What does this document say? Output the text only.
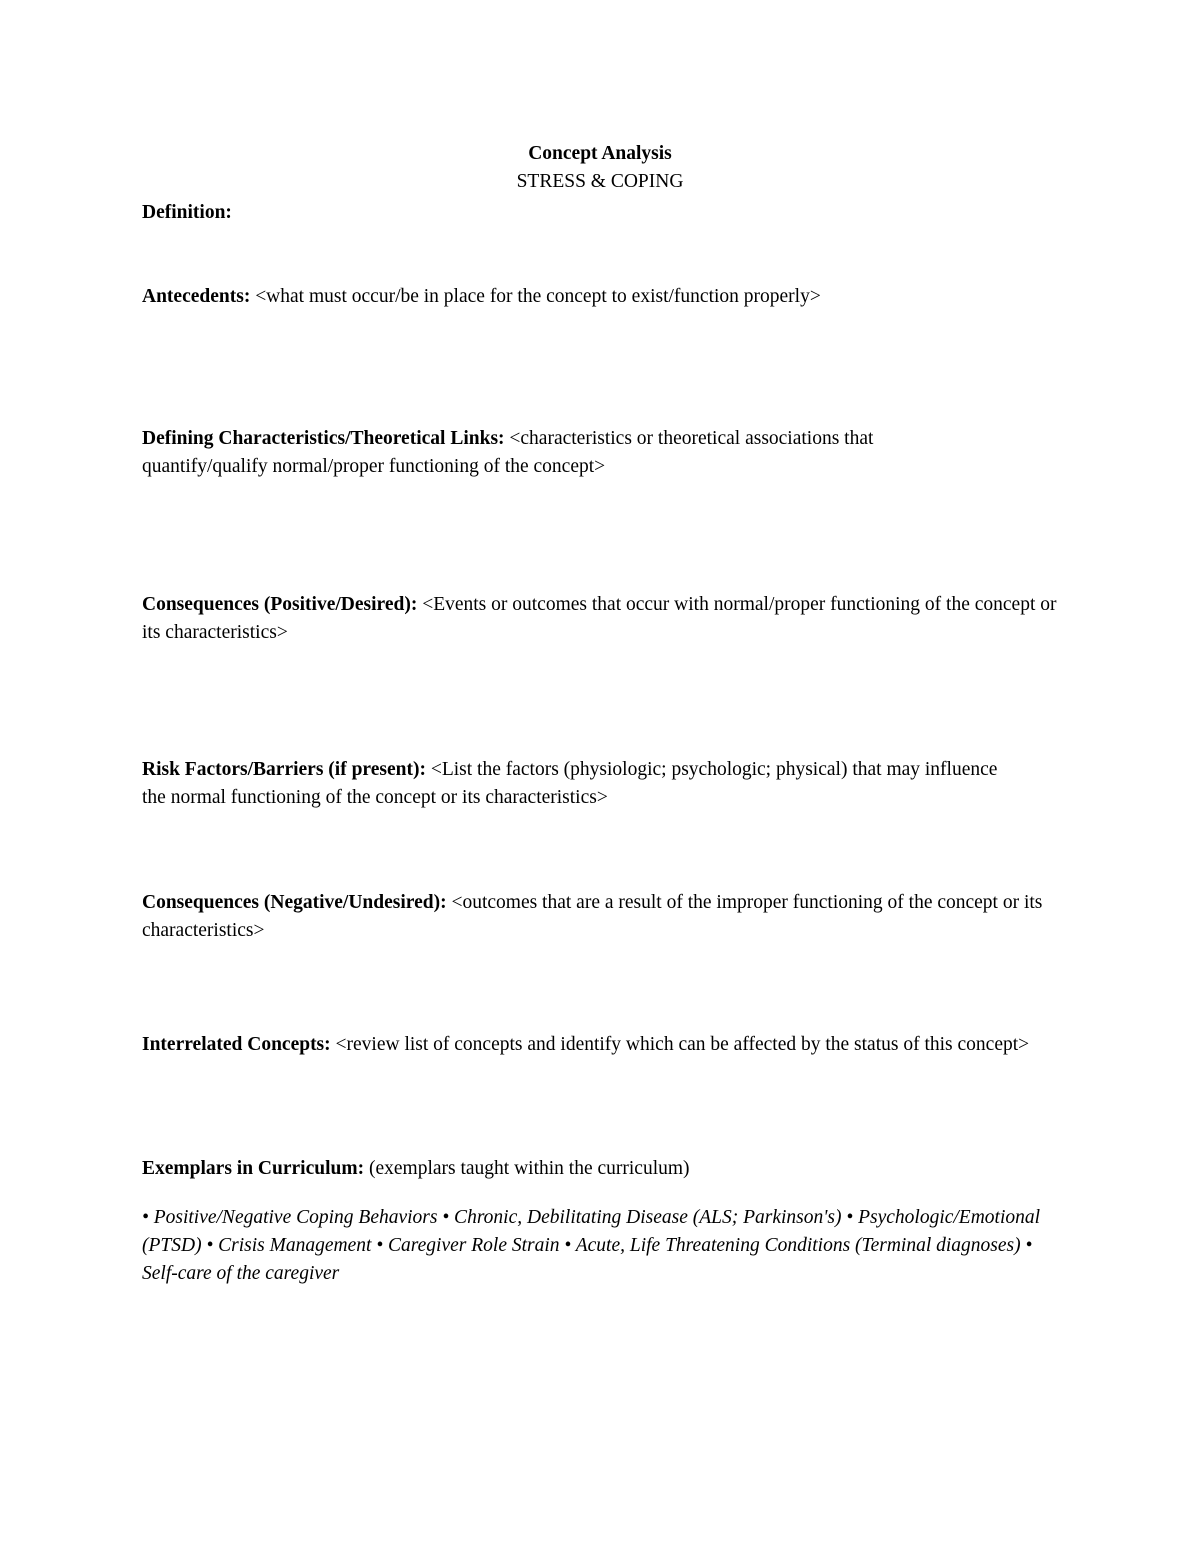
Concept Analysis

STRESS & COPING

Definition:

Antecedents: <what must occur/be in place for the concept to exist/function properly>

Defining Characteristics/Theoretical Links: <characteristics or theoretical associations that quantify/qualify normal/proper functioning of the concept>

Consequences (Positive/Desired): <Events or outcomes that occur with normal/proper functioning of the concept or its characteristics>

Risk Factors/Barriers (if present): <List the factors (physiologic; psychologic; physical) that may influence the normal functioning of the concept or its characteristics>

Consequences (Negative/Undesired): <outcomes that are a result of the improper functioning of the concept or its characteristics>

Interrelated Concepts: <review list of concepts and identify which can be affected by the status of this concept>

Exemplars in Curriculum: (exemplars taught within the curriculum)

• Positive/Negative Coping Behaviors • Chronic, Debilitating Disease (ALS; Parkinson's) • Psychologic/Emotional (PTSD) • Crisis Management • Caregiver Role Strain • Acute, Life Threatening Conditions (Terminal diagnoses) • Self-care of the caregiver
